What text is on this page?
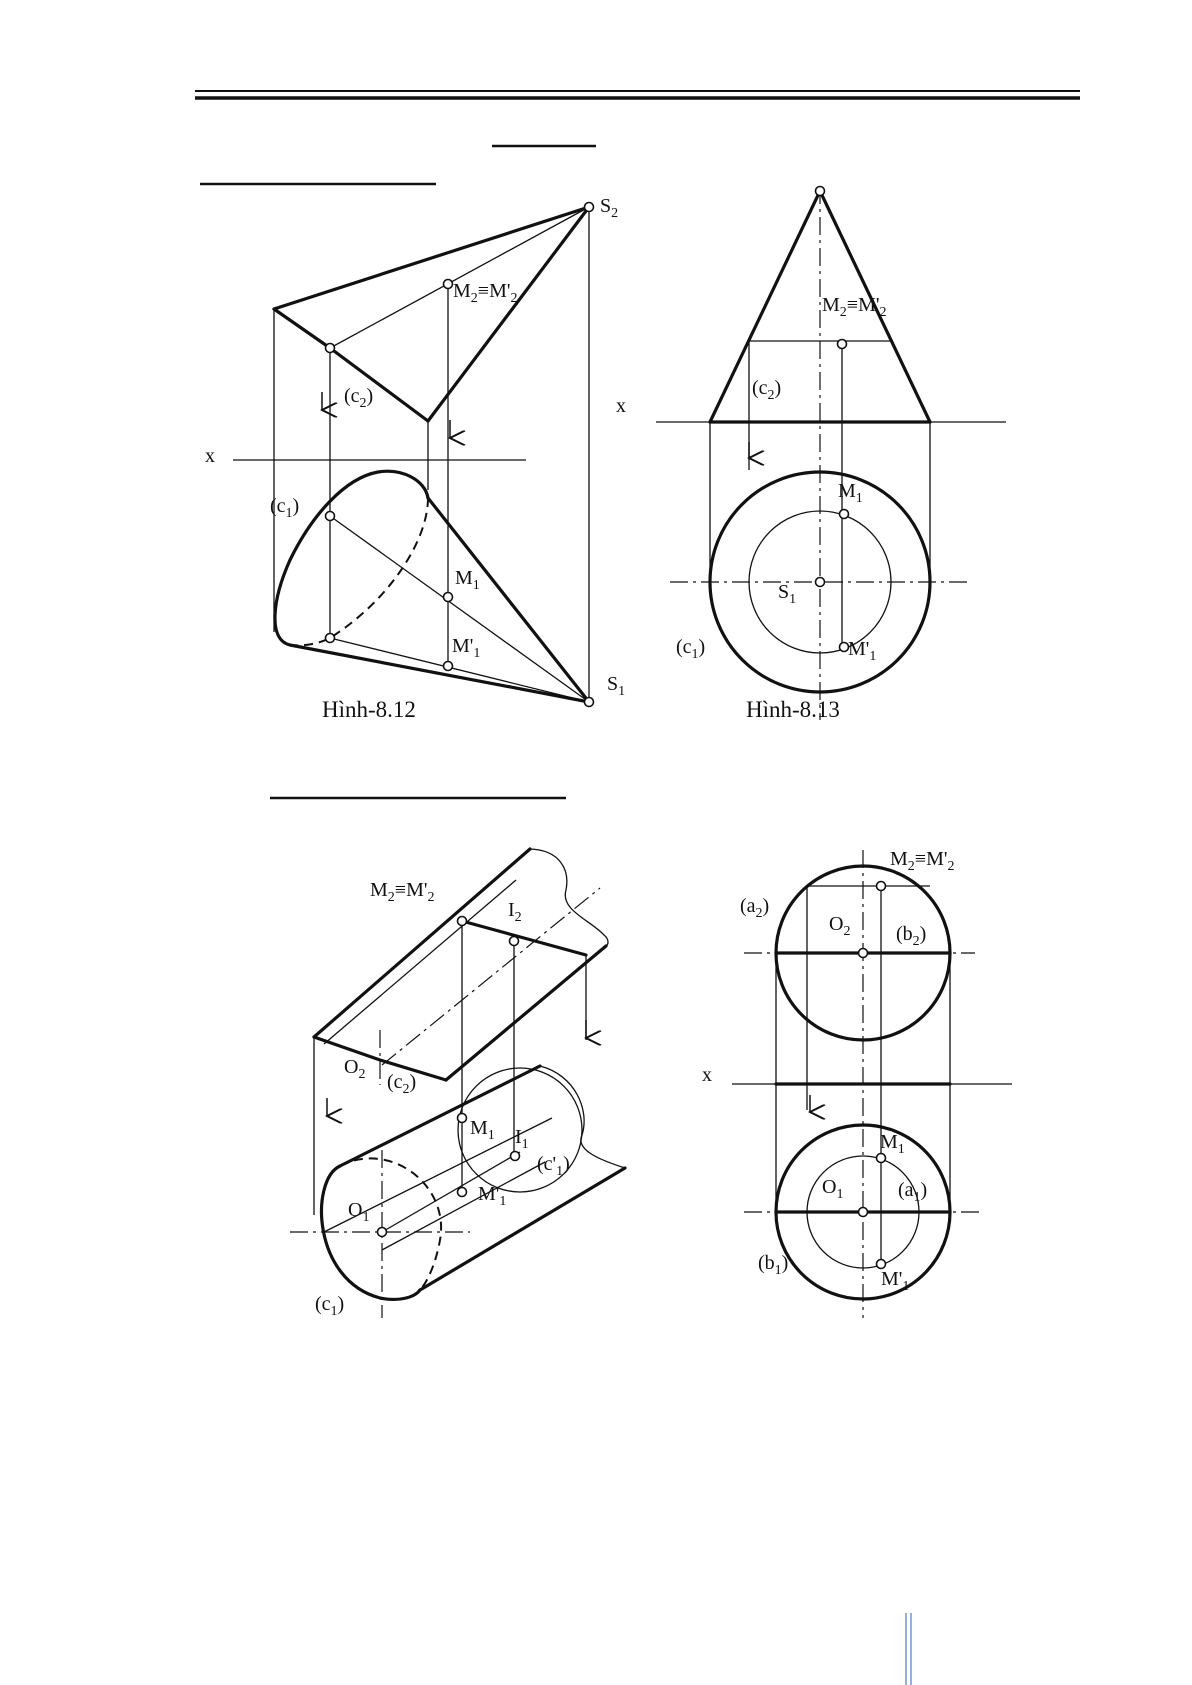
$S_2$
$M_2\equiv M'_2$
$(c_2)$
x
$(c_1)$
$M_1$
$M'_1$
$S_1$
Hình-8.12
$M_2\equiv M'_2$
x
$(c_2)$
$M_1$
$S_1$
$(c_1)$	$M'_1$
Hình-8.13
$M_2\equiv M'_2$
$I_2$
$O_2$ $(c_2)$
$M_1$ $I_1$
$(c'_1)$
$M'_1$
$O_1$
$(c_1)$
$M_2\equiv M'_2$
$(a_2)$
$O_2$ $(b_2)$
x
$M_1$
$O_1$	$(a_1)$
$(b_1)$
$M'_1$
